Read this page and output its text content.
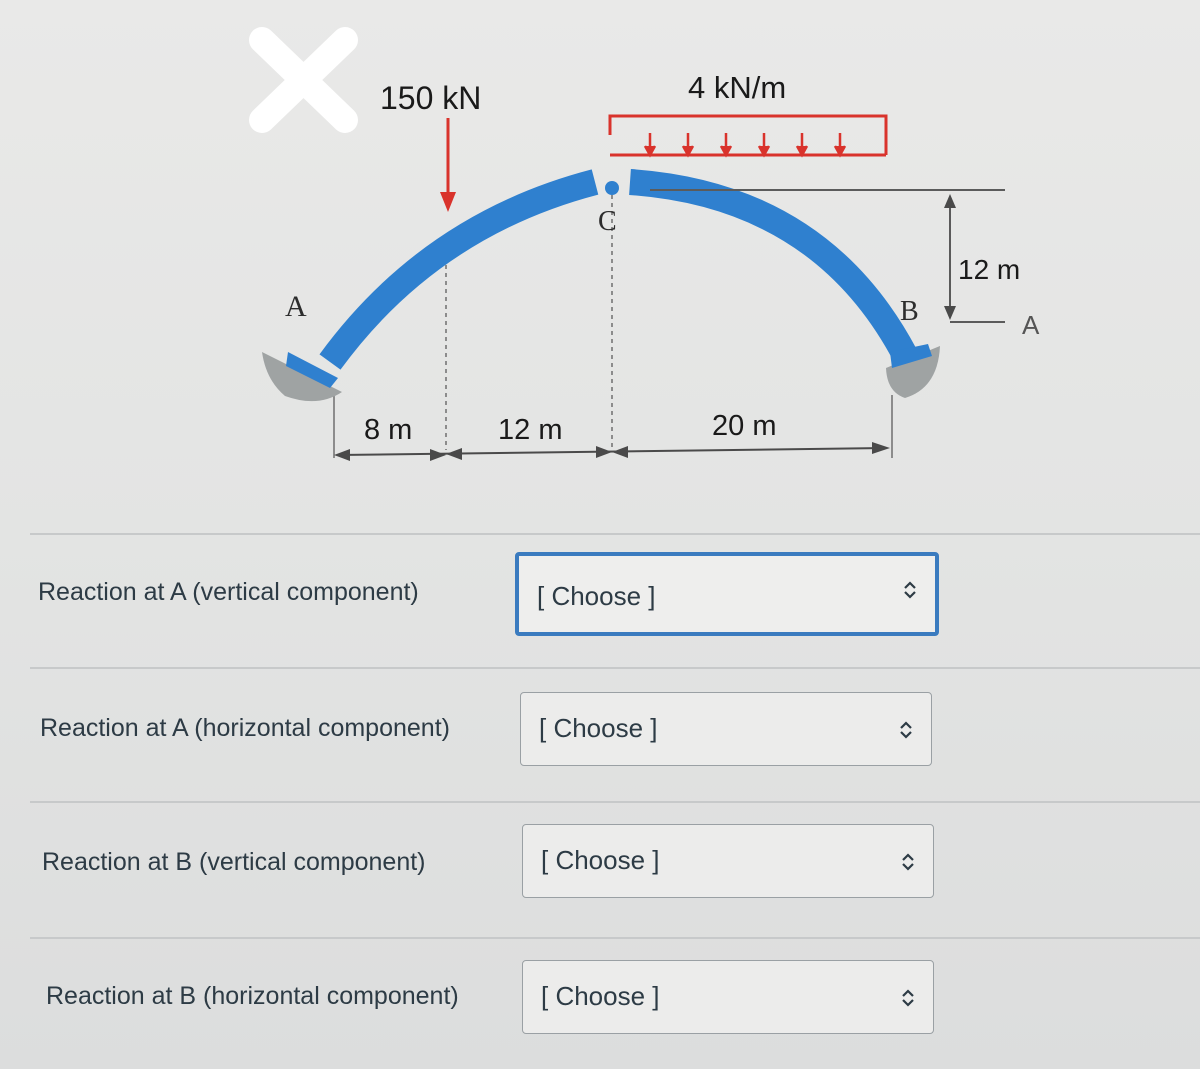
150 kN	4 kN/m
A	B
C
8 m	12 m	20 m
12 m
A
Reaction at A (vertical component)	[ Choose ]
Reaction at A (horizontal component)	[ Choose ]
Reaction at B (vertical component)	[ Choose ]
Reaction at B (horizontal component)	[ Choose ]
